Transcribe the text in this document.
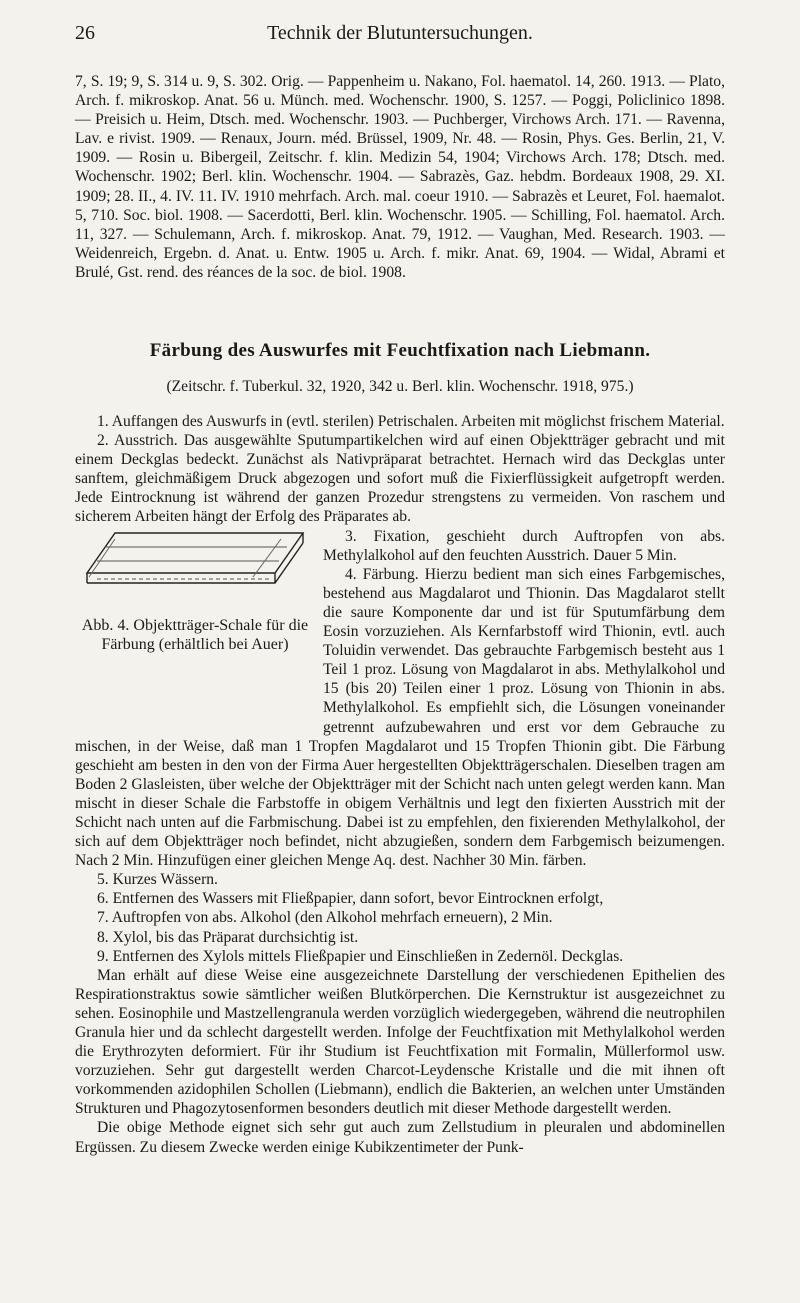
26	Technik der Blutuntersuchungen.

7, S. 19; 9, S. 314 u. 9, S. 302. Orig. — Pappenheim u. Nakano, Fol. haematol. 14, 260. 1913. — Plato, Arch. f. mikroskop. Anat. 56 u. Münch. med. Wochenschr. 1900, S. 1257. — Poggi, Policlinico 1898. — Preisich u. Heim, Dtsch. med. Wochenschr. 1903. — Puchberger, Virchows Arch. 171. — Ravenna, Lav. e rivist. 1909. — Renaux, Journ. méd. Brüssel, 1909, Nr. 48. — Rosin, Phys. Ges. Berlin, 21, V. 1909. — Rosin u. Bibergeil, Zeitschr. f. klin. Medizin 54, 1904; Virchows Arch. 178; Dtsch. med. Wochenschr. 1902; Berl. klin. Wochenschr. 1904. — Sabrazès, Gaz. hebdm. Bordeaux 1908, 29. XI. 1909; 28. II., 4. IV. 11. IV. 1910 mehrfach. Arch. mal. coeur 1910. — Sabrazès et Leuret, Fol. haemalot. 5, 710. Soc. biol. 1908. — Sacerdotti, Berl. klin. Wochenschr. 1905. — Schilling, Fol. haematol. Arch. 11, 327. — Schulemann, Arch. f. mikroskop. Anat. 79, 1912. — Vaughan, Med. Research. 1903. — Weidenreich, Ergebn. d. Anat. u. Entw. 1905 u. Arch. f. mikr. Anat. 69, 1904. — Widal, Abrami et Brulé, Gst. rend. des réances de la soc. de biol. 1908.

Färbung des Auswurfes mit Feuchtfixation nach Liebmann.
(Zeitschr. f. Tuberkul. 32, 1920, 342 u. Berl. klin. Wochenschr. 1918, 975.)

1. Auffangen des Auswurfs in (evtl. sterilen) Petrischalen. Arbeiten mit möglichst frischem Material.

2. Ausstrich. Das ausgewählte Sputumpartikelchen wird auf einen Objektträger gebracht und mit einem Deckglas bedeckt. Zunächst als Nativpräparat betrachtet. Hernach wird das Deckglas unter sanftem, gleichmäßigem Druck abgezogen und sofort muß die Fixierflüssigkeit aufgetropft werden. Jede Eintrocknung ist während der ganzen Prozedur strengstens zu vermeiden. Von raschem und sicherem Arbeiten hängt der Erfolg des Präparates ab.

Abb. 4. Objektträger-Schale für die Färbung (erhältlich bei Auer)

3. Fixation, geschieht durch Auftropfen von abs. Methylalkohol auf den feuchten Ausstrich. Dauer 5 Min.

4. Färbung. Hierzu bedient man sich eines Farbgemisches, bestehend aus Magdalarot und Thionin. Das Magdalarot stellt die saure Komponente dar und ist für Sputumfärbung dem Eosin vorzuziehen. Als Kernfarbstoff wird Thionin, evtl. auch Toluidin verwendet. Das gebrauchte Farbgemisch besteht aus 1 Teil 1 proz. Lösung von Magdalarot in abs. Methylalkohol und 15 (bis 20) Teilen einer 1 proz. Lösung von Thionin in abs. Methylalkohol. Es empfiehlt sich, die Lösungen voneinander getrennt aufzubewahren und erst vor dem Gebrauche zu mischen, in der Weise, daß man 1 Tropfen Magdalarot und 15 Tropfen Thionin gibt. Die Färbung geschieht am besten in den von der Firma Auer hergestellten Objektträgerschalen. Dieselben tragen am Boden 2 Glasleisten, über welche der Objektträger mit der Schicht nach unten gelegt werden kann. Man mischt in dieser Schale die Farbstoffe in obigem Verhältnis und legt den fixierten Ausstrich mit der Schicht nach unten auf die Farbmischung. Dabei ist zu empfehlen, den fixierenden Methylalkohol, der sich auf dem Objektträger noch befindet, nicht abzugießen, sondern dem Farbgemisch beizumengen. Nach 2 Min. Hinzufügen einer gleichen Menge Aq. dest. Nachher 30 Min. färben.

5. Kurzes Wässern.

6. Entfernen des Wassers mit Fließpapier, dann sofort, bevor Eintrocknen erfolgt,

7. Auftropfen von abs. Alkohol (den Alkohol mehrfach erneuern), 2 Min.

8. Xylol, bis das Präparat durchsichtig ist.

9. Entfernen des Xylols mittels Fließpapier und Einschließen in Zedernöl. Deckglas.

Man erhält auf diese Weise eine ausgezeichnete Darstellung der verschiedenen Epithelien des Respirationstraktus sowie sämtlicher weißen Blutkörperchen. Die Kernstruktur ist ausgezeichnet zu sehen. Eosinophile und Mastzellengranula werden vorzüglich wiedergegeben, während die neutrophilen Granula hier und da schlecht dargestellt werden. Infolge der Feuchtfixation mit Methylalkohol werden die Erythrozyten deformiert. Für ihr Studium ist Feuchtfixation mit Formalin, Müllerformol usw. vorzuziehen. Sehr gut dargestellt werden Charcot-Leydensche Kristalle und die mit ihnen oft vorkommenden azidophilen Schollen (Liebmann), endlich die Bakterien, an welchen unter Umständen Strukturen und Phagozytosenformen besonders deutlich mit dieser Methode dargestellt werden.

Die obige Methode eignet sich sehr gut auch zum Zellstudium in pleuralen und abdominellen Ergüssen. Zu diesem Zwecke werden einige Kubikzentimeter der Punk-
